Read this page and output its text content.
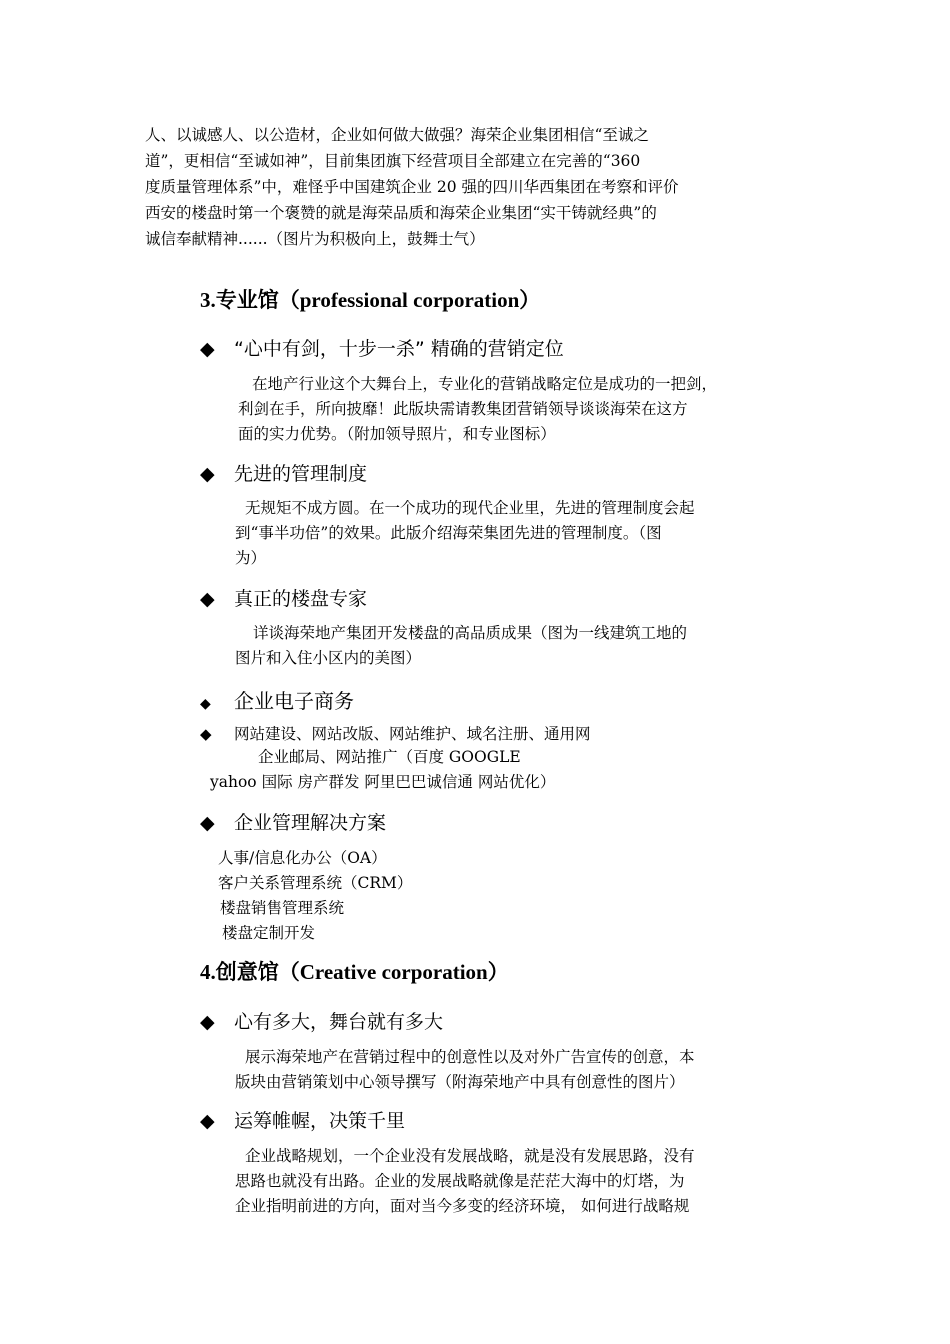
人、以诚感人、以公造材，企业如何做大做强？海荣企业集团相信“至诚之
道”，更相信“至诚如神”，目前集团旗下经营项目全部建立在完善的“360
度质量管理体系”中，难怪乎中国建筑企业 20 强的四川华西集团在考察和评价
西安的楼盘时第一个褒赞的就是海荣品质和海荣企业集团“实干铸就经典”的
诚信奉献精神......（图片为积极向上，鼓舞士气）
3.专业馆（professional corporation）
◆ “心中有剑，十步一杀” 精确的营销定位
在地产行业这个大舞台上，专业化的营销战略定位是成功的一把剑，
利剑在手，所向披靡！此版块需请教集团营销领导谈谈海荣在这方
面的实力优势。（附加领导照片，和专业图标）
◆ 先进的管理制度
无规矩不成方圆。在一个成功的现代企业里，先进的管理制度会起
到“事半功倍”的效果。此版介绍海荣集团先进的管理制度。（图
为）
◆ 真正的楼盘专家
详谈海荣地产集团开发楼盘的高品质成果（图为一线建筑工地的
图片和入住小区内的美图）
◆ 企业电子商务
◆ 网站建设、网站改版、网站维护、域名注册、通用网
企业邮局、网站推广（百度 GOOGLE
yahoo 国际 房产群发 阿里巴巴诚信通 网站优化）
◆ 企业管理解决方案
人事/信息化办公（OA）
客户关系管理系统（CRM）
楼盘销售管理系统
楼盘定制开发
4.创意馆（Creative corporation）
◆ 心有多大，舞台就有多大
展示海荣地产在营销过程中的创意性以及对外广告宣传的创意，本
版块由营销策划中心领导撰写（附海荣地产中具有创意性的图片）
◆ 运筹帷幄，决策千里
企业战略规划，一个企业没有发展战略，就是没有发展思路，没有
思路也就没有出路。企业的发展战略就像是茫茫大海中的灯塔，为
企业指明前进的方向，面对当今多变的经济环境， 如何进行战略规
